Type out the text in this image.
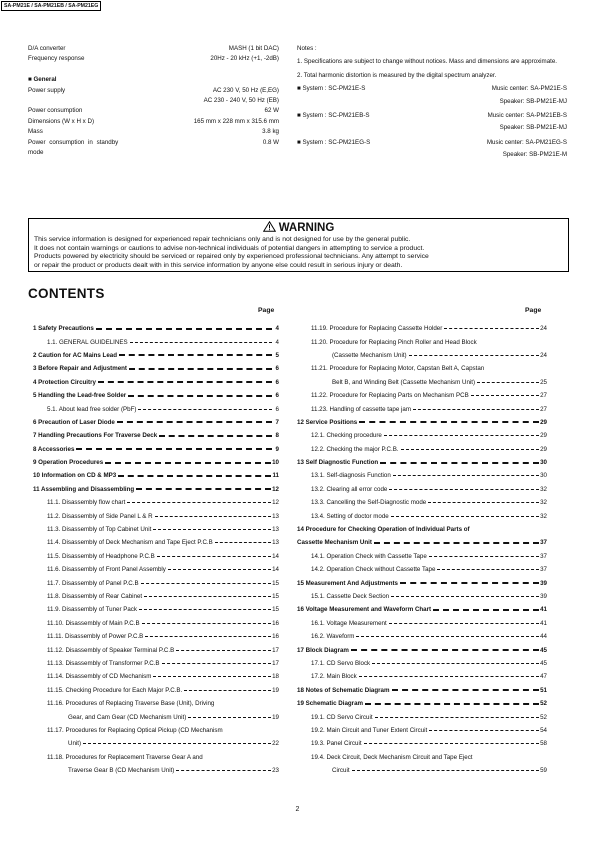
SA-PM21E / SA-PM21EB / SA-PM21EG
D/A converter	MASH (1 bit DAC)
Frequency response	20Hz - 20 kHz (+1, -2dB)
■ General
Power supply	AC 230 V, 50 Hz (E,EG)
AC 230 - 240 V, 50 Hz (EB)
Power consumption	62 W
Dimensions (W x H x D)	165 mm x 228 mm x 315.6 mm
Mass	3.8 kg
Power consumption in standby
mode
0.8 W
Notes :
1. Specifications are subject to change without notices. Mass and dimensions are approximate.
2. Total harmonic distortion is measured by the digital spectrum analyzer.
■ System : SC-PM21E-S	Music center: SA-PM21E-S
Speaker: SB-PM21E-MJ
■ System : SC-PM21EB-S	Music center: SA-PM21EB-S
Speaker: SB-PM21E-MJ
■ System : SC-PM21EG-S	Music center: SA-PM21EG-S
Speaker: SB-PM21E-M
WARNING
This service information is designed for experienced repair technicians only and is not designed for use by the general public.
It does not contain warnings or cautions to advise non-technical individuals of potential dangers in attempting to service a product.
Products powered by electricity should be serviced or repaired only by experienced professional technicians. Any attempt to service
or repair the product or products dealt with in this service information by anyone else could result in serious injury or death.
CONTENTS
Page	Page
1 Safety Precautions	4
1.1. GENERAL GUIDELINES	4
2 Caution for AC Mains Lead	5
3 Before Repair and Adjustment	6
4 Protection Circuitry	6
5 Handling the Lead-free Solder	6
5.1. About lead free solder (PbF)	6
6 Precaution of Laser Diode	7
7 Handling Precautions For Traverse Deck	8
8 Accessories	9
9 Operation Procedures	10
10 Information on CD & MP3	11
11 Assembling and Disassembling	12
11.1. Disassembly flow chart	12
11.2. Disassembly of Side Panel L & R	13
11.3. Disassembly of Top Cabinet Unit	13
11.4. Disassembly of Deck Mechanism and Tape Eject P.C.B	13
11.5. Disassembly of Headphone P.C.B	14
11.6. Disassembly of Front Panel Assembly	14
11.7. Disassembly of Panel P.C.B	15
11.8. Disassembly of Rear Cabinet	15
11.9. Disassembly of Tuner Pack	15
11.10. Disassembly of Main P.C.B	16
11.11. Disassembly of Power P.C.B	16
11.12. Disassembly of Speaker Terminal P.C.B	17
11.13. Disassembly of Transformer P.C.B	17
11.14. Disassembly of CD Mechanism	18
11.15. Checking Procedure for Each Major P.C.B.	19
11.16. Procedures of Replacing Traverse Base (Unit), Driving
Gear, and Cam Gear (CD Mechanism Unit)	19
11.17. Procedures for Replacing Optical Pickup (CD Mechanism
Unit)	22
11.18. Procedures for Replacement Traverse Gear A and
Traverse Gear B (CD Mechanism Unit)	23
11.19. Procedure for Replacing Cassette Holder	24
11.20. Procedure for Replacing Pinch Roller and Head Block
(Cassette Mechanism Unit)	24
11.21. Procedure for Replacing Motor, Capstan Belt A, Capstan
Belt B, and Winding Belt (Cassette Mechanism Unit)	25
11.22. Procedure for Replacing Parts on Mechanism PCB	27
11.23. Handling of cassette tape jam	27
12 Service Positions	29
12.1. Checking procedure	29
12.2. Checking the major P.C.B.	29
13 Self Diagnostic Function	30
13.1. Self-diagnosis Function	30
13.2. Clearing all error code	32
13.3. Cancelling the Self-Diagnostic mode	32
13.4. Setting of doctor mode	32
14 Procedure for Checking Operation of Individual Parts of
Cassette Mechanism Unit	37
14.1. Operation Check with Cassette Tape	37
14.2. Operation Check without Cassette Tape	37
15 Measurement And Adjustments	39
15.1. Cassette Deck Section	39
16 Voltage Measurement and Waveform Chart	41
16.1. Voltage Measurement	41
16.2. Waveform	44
17 Block Diagram	45
17.1. CD Servo Block	45
17.2. Main Block	47
18 Notes of Schematic Diagram	51
19 Schematic Diagram	52
19.1. CD Servo Circuit	52
19.2. Main Circuit and Tuner Extent Circuit	54
19.3. Panel Circuit	58
19.4. Deck Circuit, Deck Mechanism Circuit and Tape Eject
Circuit	59
2
